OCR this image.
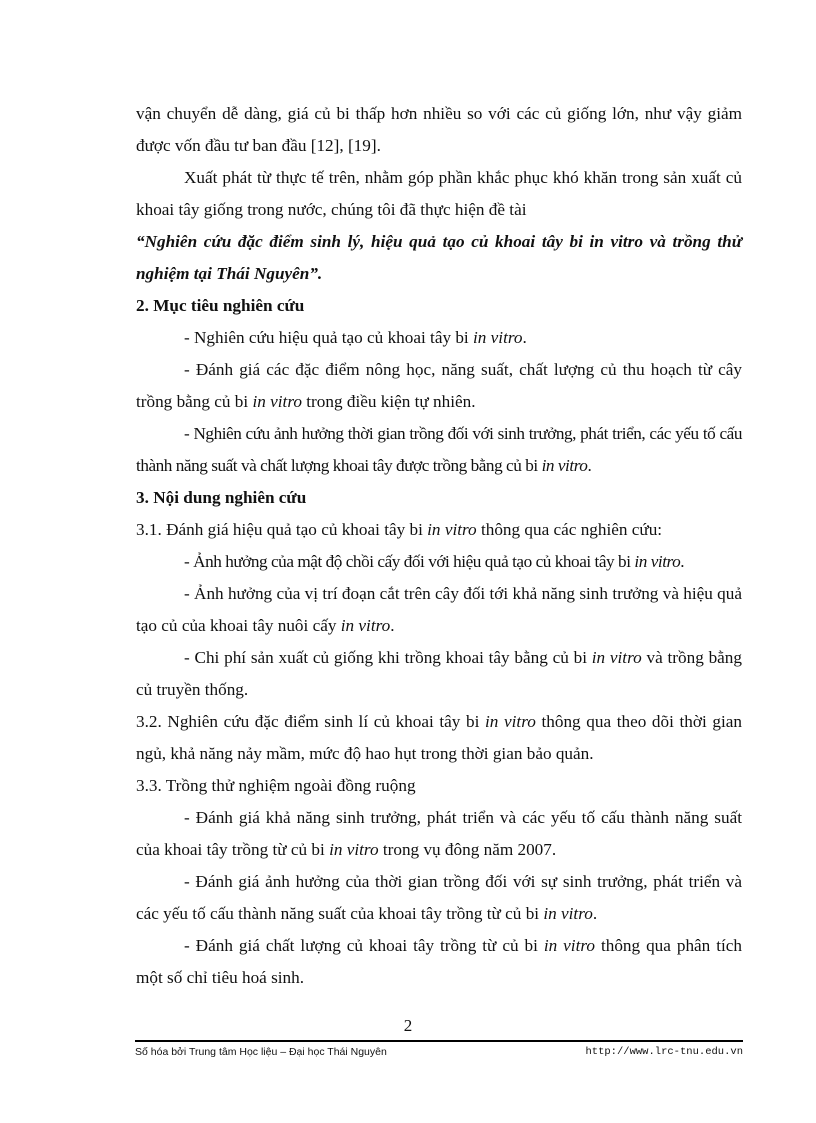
vận chuyển dễ dàng, giá củ bi thấp hơn nhiều so với các củ giống lớn, như vậy giảm được vốn đầu tư ban đầu [12], [19].

Xuất phát từ thực tế trên, nhằm góp phần khắc phục khó khăn trong sản xuất củ khoai tây giống trong nước, chúng tôi đã thực hiện đề tài

“Nghiên cứu đặc điểm sinh lý, hiệu quả tạo củ khoai tây bi in vitro và trồng thử nghiệm tại Thái Nguyên”.

2. Mục tiêu nghiên cứu

- Nghiên cứu hiệu quả tạo củ khoai tây bi in vitro.

- Đánh giá các đặc điểm nông học, năng suất, chất lượng củ thu hoạch từ cây trồng bằng củ bi in vitro trong điều kiện tự nhiên.

- Nghiên cứu ảnh hưởng thời gian trồng đối với sinh trưởng, phát triển, các yếu tố cấu thành năng suất và chất lượng khoai tây được trồng bằng củ bi in vitro.

3. Nội dung nghiên cứu

3.1. Đánh giá hiệu quả tạo củ khoai tây bi in vitro thông qua các nghiên cứu:

- Ảnh hưởng của mật độ chồi cấy đối với hiệu quả tạo củ khoai tây bi in vitro.

- Ảnh hưởng của vị trí đoạn cắt trên cây đối tới khả năng sinh trưởng và hiệu quả tạo củ của khoai tây nuôi cấy in vitro.

- Chi phí sản xuất củ giống khi trồng khoai tây bằng củ bi in vitro và trồng bằng củ truyền thống.

3.2. Nghiên cứu đặc điểm sinh lí củ khoai tây bi in vitro thông qua theo dõi thời gian ngủ, khả năng nảy mầm, mức độ hao hụt trong thời gian bảo quản.

3.3. Trồng thử nghiệm ngoài đồng ruộng

- Đánh giá khả năng sinh trưởng, phát triển và các yếu tố cấu thành năng suất của khoai tây trồng từ củ bi in vitro trong vụ đông năm 2007.

- Đánh giá ảnh hưởng của thời gian trồng đối với sự sinh trưởng, phát triển và các yếu tố cấu thành năng suất của khoai tây trồng từ củ bi in vitro.

- Đánh giá chất lượng củ khoai tây trồng từ củ bi in vitro thông qua phân tích một số chỉ tiêu hoá sinh.

2
Số hóa bởi Trung tâm Học liệu – Đại học Thái Nguyên	http://www.lrc-tnu.edu.vn
